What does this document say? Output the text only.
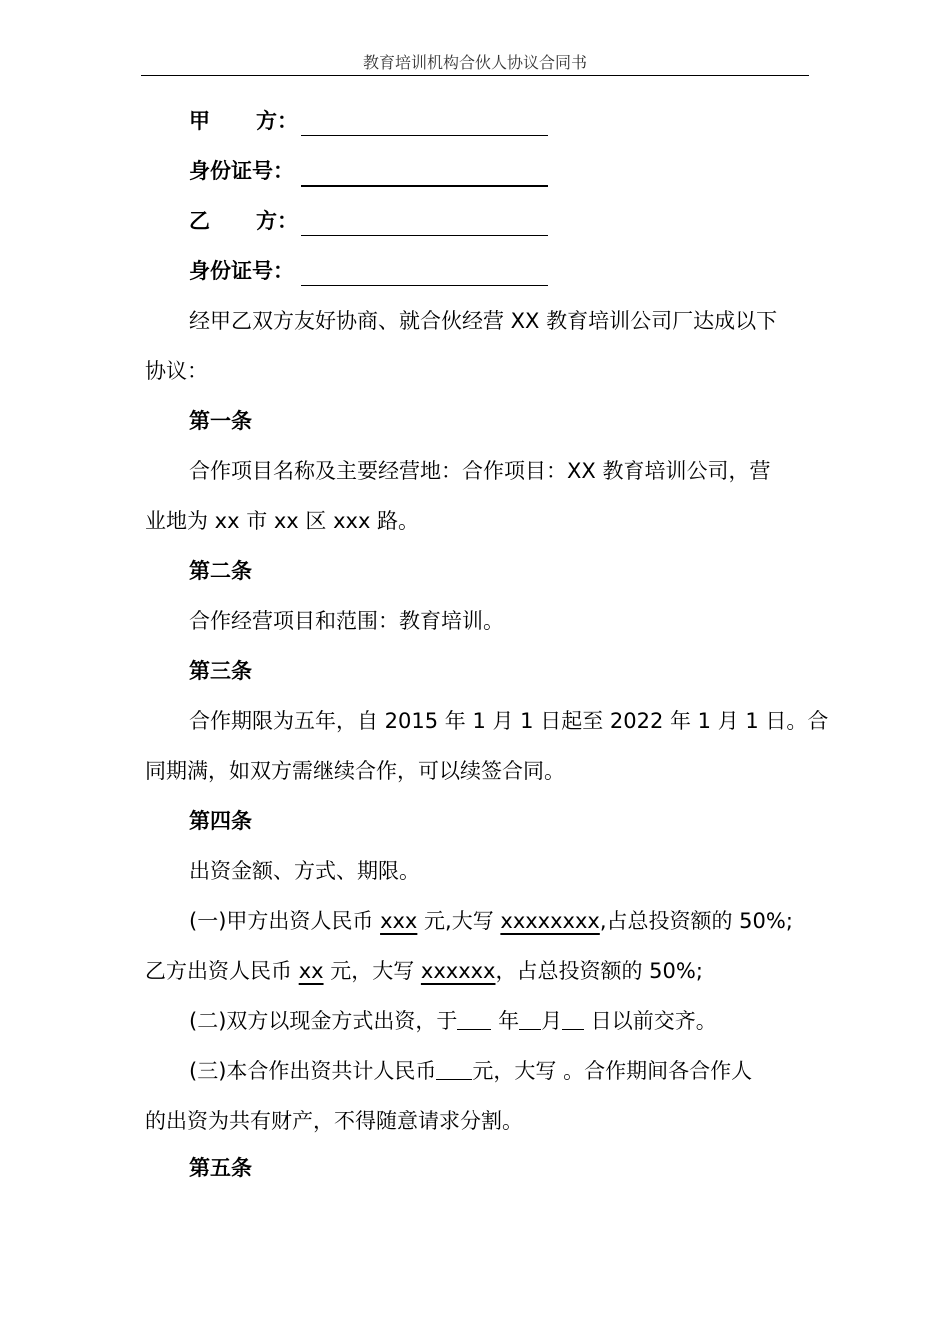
教育培训机构合伙人协议合同书
甲 方：
身份证号：
乙 方：
身份证号：
经甲乙双方友好协商、就合伙经营 XX 教育培训公司厂达成以下
协议：
第一条
合作项目名称及主要经营地：合作项目：XX 教育培训公司，营
业地为 xx 市 xx 区 xxx 路。
第二条
合作经营项目和范围：教育培训。
第三条
合作期限为五年，自 2015 年 1 月 1 日起至 2022 年 1 月 1 日。合
同期满，如双方需继续合作，可以续签合同。
第四条
出资金额、方式、期限。
(一)甲方出资人民币 xxx 元,大写 xxxxxxxx,占总投资额的 50%;
乙方出资人民币 xx 元，大写 xxxxxx，占总投资额的 50%;
(二)双方以现金方式出资，于 年 月 日以前交齐。
(三)本合作出资共计人民币 元，大写 。合作期间各合作人
的出资为共有财产，不得随意请求分割。
第五条
